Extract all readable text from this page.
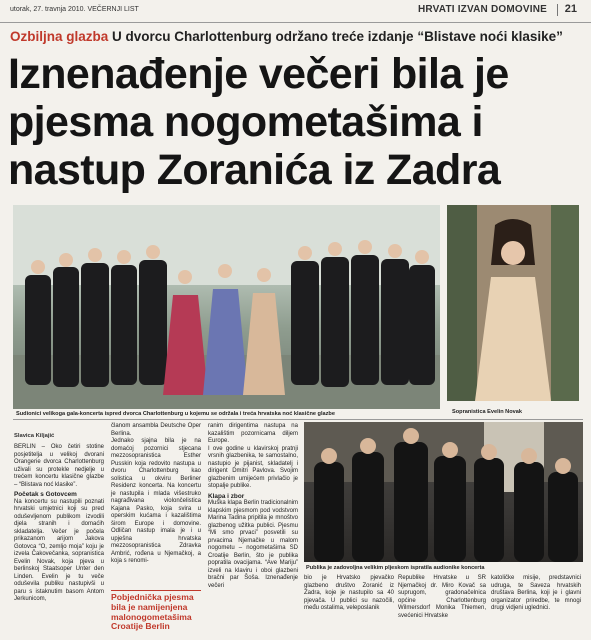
utorak, 27. travnja 2010. VEČERNJI LIST	HRVATI IZVAN DOMOVINE 21
Ozbiljna glazba U dvorcu Charlottenburg održano treće izdanje “Blistave noći klasike”
Iznenađenje večeri bila je
pjesma nogometašima i
nastup Zoranića iz Zadra
Sudionici velikoga gala-koncerta ispred dvorca Charlottenburg u kojemu se održala i treća hrvatska noć klasične glazbe	Sopranistica Evelin Novak
Publika je zadovoljna velikim pljeskom ispratila audionike koncerta
Slavica Kiljajić

BERLIN – Oko četiri stotine posjetitelja u velikoj dvorani Orangerie dvorca Charlottenburg uživali su protekle nedjelje u trećem koncertu klasične glazbe – “Blistava noć klasike”.

Početak s Gotovcem

Na koncertu su nastupili poznati hrvatski umjetnici koji su pred oduševljenom publikom izvodili djela stranih i domaćih skladatelja. Večer je počela prikazanom arijom Jakova Gotovca “O, zemljo moja” koju je izvela Čakovečanka, sopranistica Evelin Novak, koja pjeva u berlinskoj Staatsoper Unter den Linden. Evelin je tu veče oduševila publiku nastupivši u paru s istaknutim basom Antom Jerkunicom,

članom ansambla Deutsche Oper Berlina.

Jednako sjajna bila je na domaćoj pozornici stjecana mezzosopranistica Esther Pusskin koja redovito nastupa u dvoru Charlottenburg kao solistica u okviru Berliner Residenz koncerta. Na koncertu je nastupila i mlada višestruko nagrađivana violončelistica Kajana Pasko, koja svira u operskim kućama i kazalištima širom Europe i domovine. Odličan nastup imala je i u upješna hrvatska mezzosopranistica Zdravka Ambrić, rođena u Njemačkoj, a koja s renomi-

Pobjednička pjesma bila je namijenjena malonogometašima Croatije Berlin

ranim dirigentima nastupa na kazalištim pozornicama diljem Europe.

I ove godine u klavirskoj pratnji vrsnih glazbenika, te samostalno, nastupio je pijanist, skladatelj i dirigent Dmitri Pavlova. Svojim glazbenim umijećem privlačio je stopalje publike.

Klapa i zbor

Muška klapa Berlin tradicionalnim klapskim pjesmom pod vodstvom Marina Tadina pripitila je mnoštvo glazbenog užitka publici. Pjesmu “Mi smo prvaci” posvetili su prvacima Njemačke u malom nogometu – nogometašima SD Croatije Berlin, što je publika popratila ovacijama. “Ave Mariju” izveli na klaviru i oboi glazbeni bračni par Šoša. Iznenađenje večeri

bio je Hrvatsko pjevačko glazbeno društvo Zoranić iz Zadra, koje je nastupilo sa 40 pjevača. U publici su nazočili, među ostalima, veleposlanik

Republike Hrvatske u SR Njemačkoj dr. Miro Kovač sa suprugom, gradonačelnica općine Charlottenburg Wilmersdorf Monika Thiemen, svećenici Hrvatske

katoličke misije, predstavnici udruga, te Saveza hrvatskih društava Berlina, koji je i glavni organizator priredbe, te mnogi drugi vidjeni uglednici.
